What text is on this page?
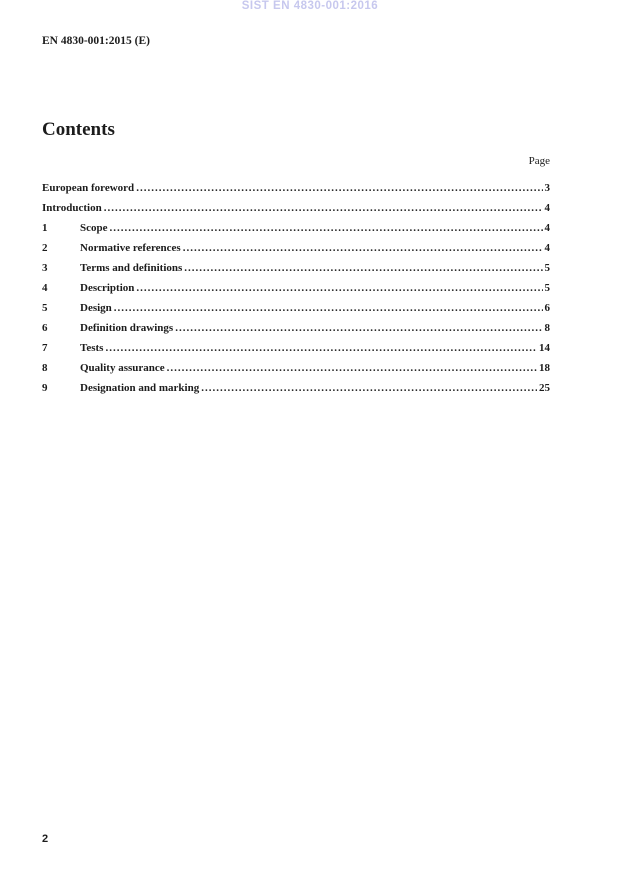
SIST EN 4830-001:2016
EN 4830-001:2015 (E)
Contents
Page
European foreword .....	3
Introduction .....	4
1	Scope .....	4
2	Normative references .....	4
3	Terms and definitions .....	5
4	Description .....	5
5	Design .....	6
6	Definition drawings .....	8
7	Tests .....	14
8	Quality assurance .....	18
9	Designation and marking .....	25
2
